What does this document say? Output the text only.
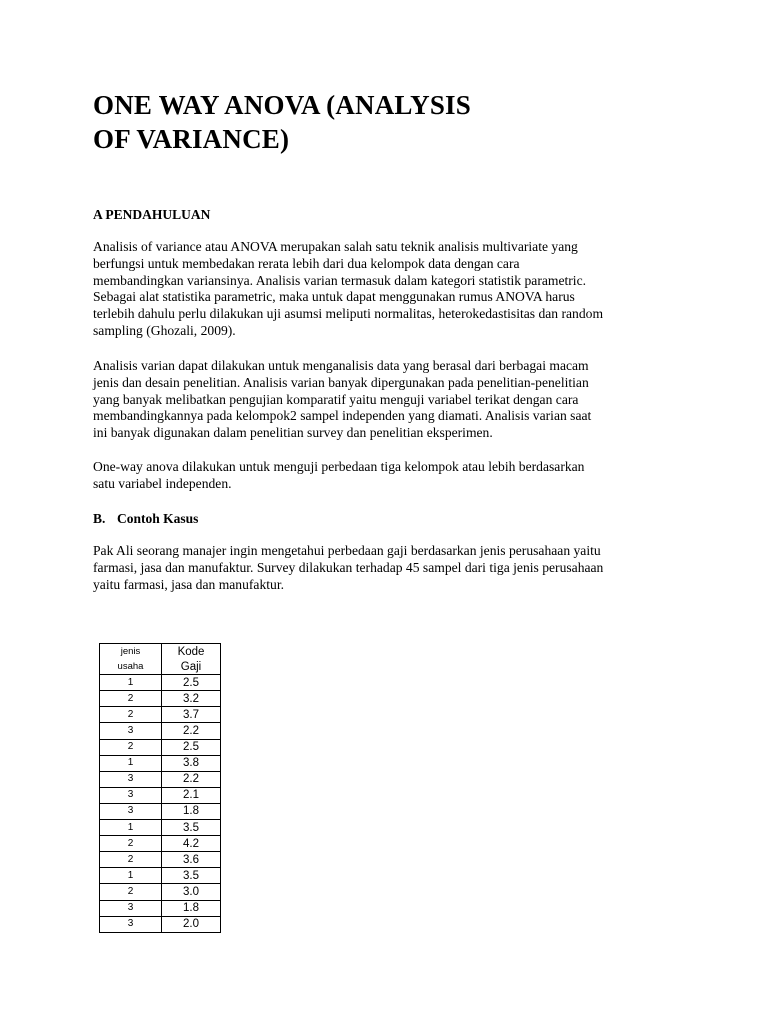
ONE WAY ANOVA (ANALYSIS
OF VARIANCE)
A PENDAHULUAN

Analisis of variance atau ANOVA merupakan salah satu teknik analisis multivariate yang
berfungsi untuk membedakan rerata lebih dari dua kelompok data dengan cara
membandingkan variansinya. Analisis varian termasuk dalam kategori statistik parametric.
Sebagai alat statistika parametric, maka untuk dapat menggunakan rumus ANOVA harus
terlebih dahulu perlu dilakukan uji asumsi meliputi normalitas, heterokedastisitas dan random
sampling (Ghozali, 2009).

Analisis varian dapat dilakukan untuk menganalisis data yang berasal dari berbagai macam
jenis dan desain penelitian. Analisis varian banyak dipergunakan pada penelitian-penelitian
yang banyak melibatkan pengujian komparatif yaitu menguji variabel terikat dengan cara
membandingkannya pada kelompok2 sampel independen yang diamati. Analisis varian saat
ini banyak digunakan dalam penelitian survey dan penelitian eksperimen.

One-way anova dilakukan untuk menguji perbedaan tiga kelompok atau lebih berdasarkan
satu variabel independen.

B. Contoh Kasus

Pak Ali seorang manajer ingin mengetahui perbedaan gaji berdasarkan jenis perusahaan yaitu
farmasi, jasa dan manufaktur. Survey dilakukan terhadap 45 sampel dari tiga jenis perusahaan
yaitu farmasi, jasa dan manufaktur.

jenis	Kode
usaha	Gaji
1	2.5
2	3.2
2	3.7
3	2.2
2	2.5
1	3.8
3	2.2
3	2.1
3	1.8
1	3.5
2	4.2
2	3.6
1	3.5
2	3.0
3	1.8
3	2.0
